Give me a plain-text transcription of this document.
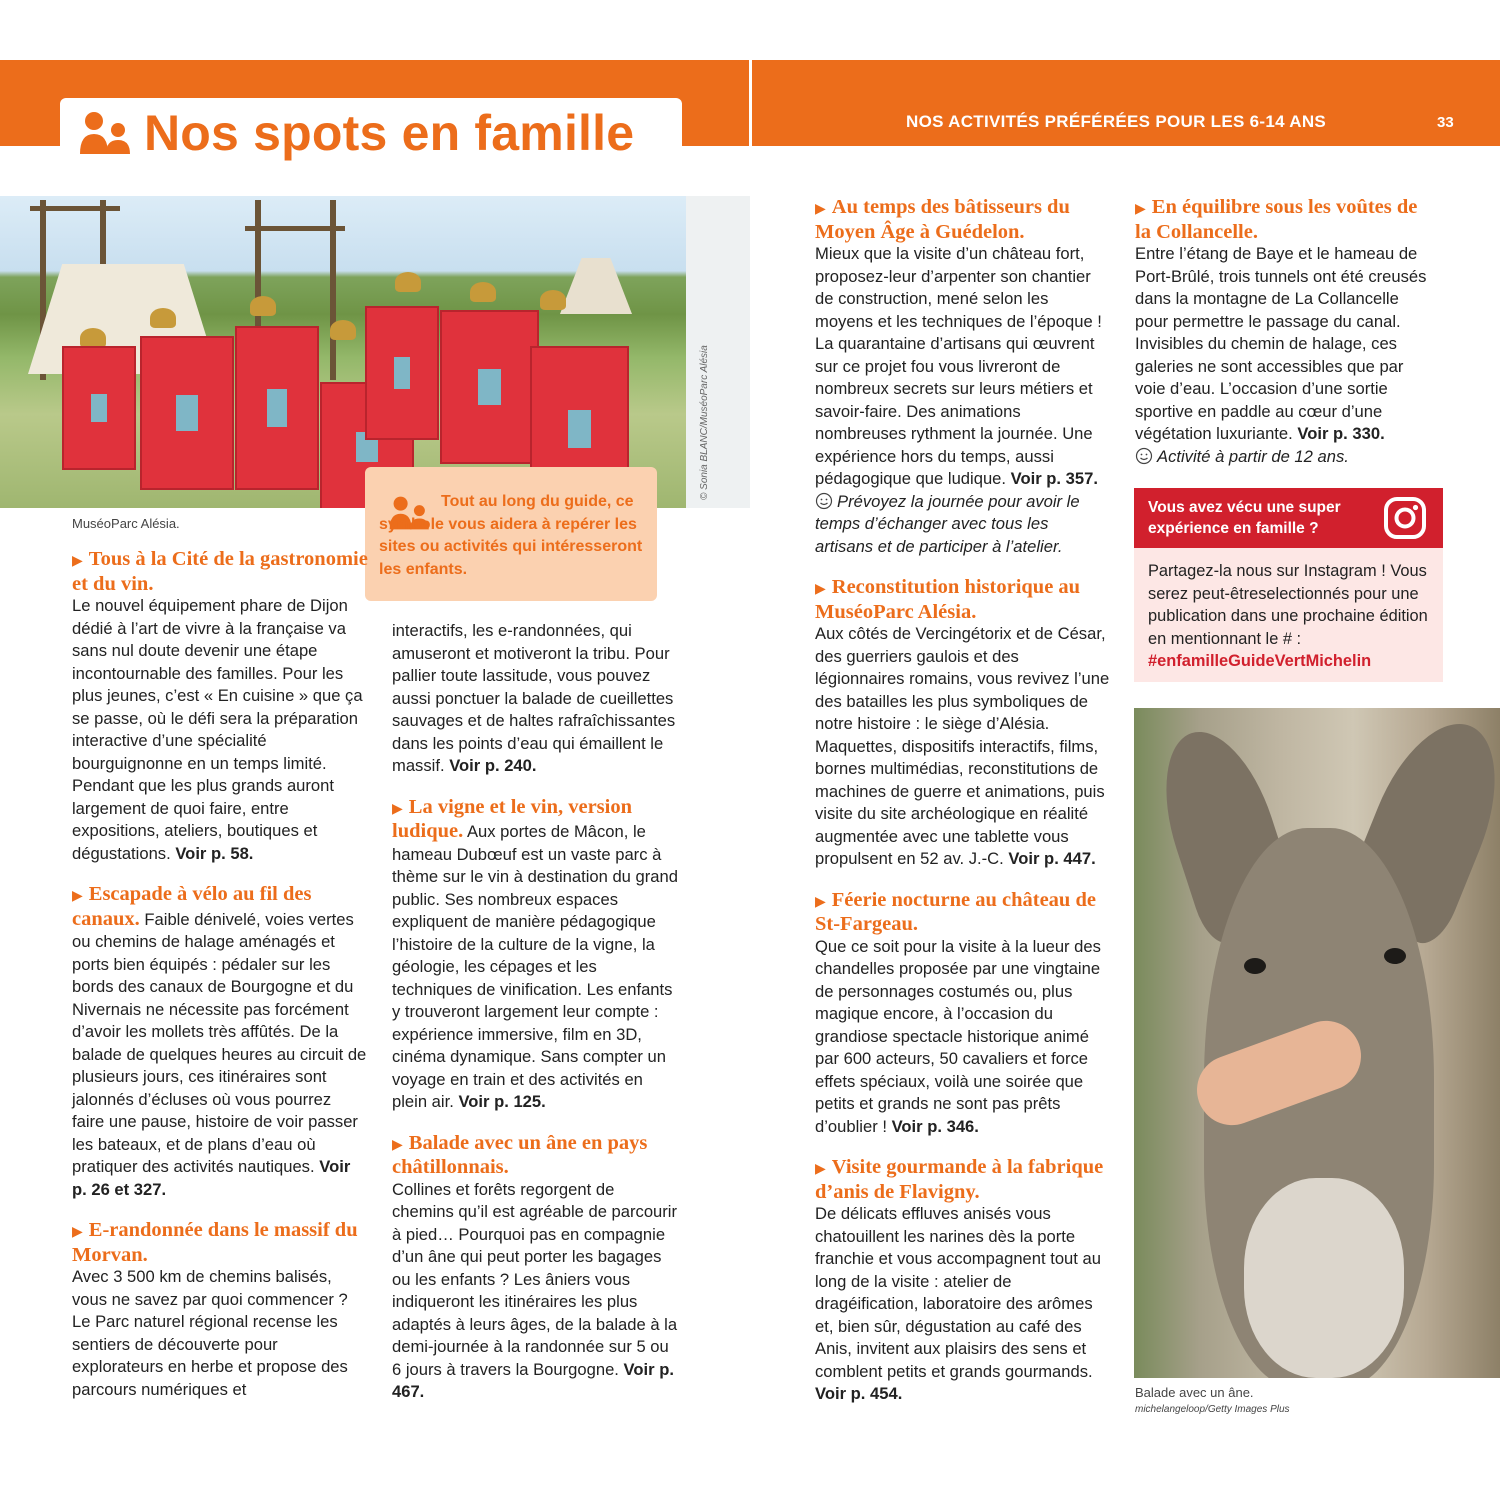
Nos spots en famille	NOS ACTIVITÉS PRÉFÉRÉES POUR LES 6-14 ANS	33
© Sonia BLANC/MuséoParc Alésia
MuséoParc Alésia.

Tout au long du guide, ce symbole vous aidera à repérer les sites ou activités qui intéresseront les enfants.

▶ Tous à la Cité de la gastronomie et du vin.

Le nouvel équipement phare de Dijon dédié à l’art de vivre à la française va sans nul doute devenir une étape incontournable des familles. Pour les plus jeunes, c’est « En cuisine » que ça se passe, où le défi sera la préparation interactive d’une spécialité bourguignonne en un temps limité. Pendant que les plus grands auront largement de quoi faire, entre expositions, ateliers, boutiques et dégustations. Voir p. 58.

▶ Escapade à vélo au fil des canaux. Faible dénivelé, voies vertes ou chemins de halage aménagés et ports bien équipés : pédaler sur les bords des canaux de Bourgogne et du Nivernais ne nécessite pas forcément d’avoir les mollets très affûtés. De la balade de quelques heures au circuit de plusieurs jours, ces itinéraires sont jalonnés d’écluses où vous pourrez faire une pause, histoire de voir passer les bateaux, et de plans d’eau où pratiquer des activités nautiques. Voir p. 26 et 327.

▶ E-randonnée dans le massif du Morvan.

Avec 3 500 km de chemins balisés, vous ne savez par quoi commencer ? Le Parc naturel régional recense les sentiers de découverte pour explorateurs en herbe et propose des parcours numériques et

interactifs, les e-randonnées, qui amuseront et motiveront la tribu. Pour pallier toute lassitude, vous pouvez aussi ponctuer la balade de cueillettes sauvages et de haltes rafraîchissantes dans les points d’eau qui émaillent le massif. Voir p. 240.

▶ La vigne et le vin, version ludique. Aux portes de Mâcon, le hameau Dubœuf est un vaste parc à thème sur le vin à destination du grand public. Ses nombreux espaces expliquent de manière pédagogique l’histoire de la culture de la vigne, la géologie, les cépages et les techniques de vinification. Les enfants y trouveront largement leur compte : expérience immersive, film en 3D, cinéma dynamique. Sans compter un voyage en train et des activités en plein air. Voir p. 125.

▶ Balade avec un âne en pays châtillonnais.

Collines et forêts regorgent de chemins qu’il est agréable de parcourir à pied… Pourquoi pas en compagnie d’un âne qui peut porter les bagages ou les enfants ? Les âniers vous indiqueront les itinéraires les plus adaptés à leurs âges, de la balade à la demi-journée à la randonnée sur 5 ou 6 jours à travers la Bourgogne. Voir p. 467.

▶ Au temps des bâtisseurs du Moyen Âge à Guédelon.

Mieux que la visite d’un château fort, proposez-leur d’arpenter son chantier de construction, mené selon les moyens et les techniques de l’époque ! La quarantaine d’artisans qui œuvrent sur ce projet fou vous livreront de nombreux secrets sur leurs métiers et savoir-faire. Des animations nombreuses rythment la journée. Une expérience hors du temps, aussi pédagogique que ludique. Voir p. 357.

Prévoyez la journée pour avoir le temps d’échanger avec tous les artisans et de participer à l’atelier.

▶ Reconstitution historique au MuséoParc Alésia.

Aux côtés de Vercingétorix et de César, des guerriers gaulois et des légionnaires romains, vous revivez l’une des batailles les plus symboliques de notre histoire : le siège d’Alésia. Maquettes, dispositifs interactifs, films, bornes multimédias, reconstitutions de machines de guerre et animations, puis visite du site archéologique en réalité augmentée avec une tablette vous propulsent en 52 av. J.-C. Voir p. 447.

▶ Féerie nocturne au château de St-Fargeau.

Que ce soit pour la visite à la lueur des chandelles proposée par une vingtaine de personnages costumés ou, plus magique encore, à l’occasion du grandiose spectacle historique animé par 600 acteurs, 50 cavaliers et force effets spéciaux, voilà une soirée que petits et grands ne sont pas prêts d’oublier ! Voir p. 346.

▶ Visite gourmande à la fabrique d’anis de Flavigny.

De délicats effluves anisés vous chatouillent les narines dès la porte franchie et vous accompagnent tout au long de la visite : atelier de dragéification, laboratoire des arômes et, bien sûr, dégustation au café des Anis, invitent aux plaisirs des sens et comblent petits et grands gourmands. Voir p. 454.

▶ En équilibre sous les voûtes de la Collancelle.

Entre l’étang de Baye et le hameau de Port-Brûlé, trois tunnels ont été creusés dans la montagne de La Collancelle pour permettre le passage du canal. Invisibles du chemin de halage, ces galeries ne sont accessibles que par voie d’eau. L’occasion d’une sortie sportive en paddle au cœur d’une végétation luxuriante. Voir p. 330.

Activité à partir de 12 ans.

Vous avez vécu une super expérience en famille ?
Partagez-la nous sur Instagram ! Vous serez peut-êtreselectionnés pour une publication dans une prochaine édition en mentionnant le # : #enfamilleGuideVertMichelin
Balade avec un âne.
michelangeloop/Getty Images Plus
